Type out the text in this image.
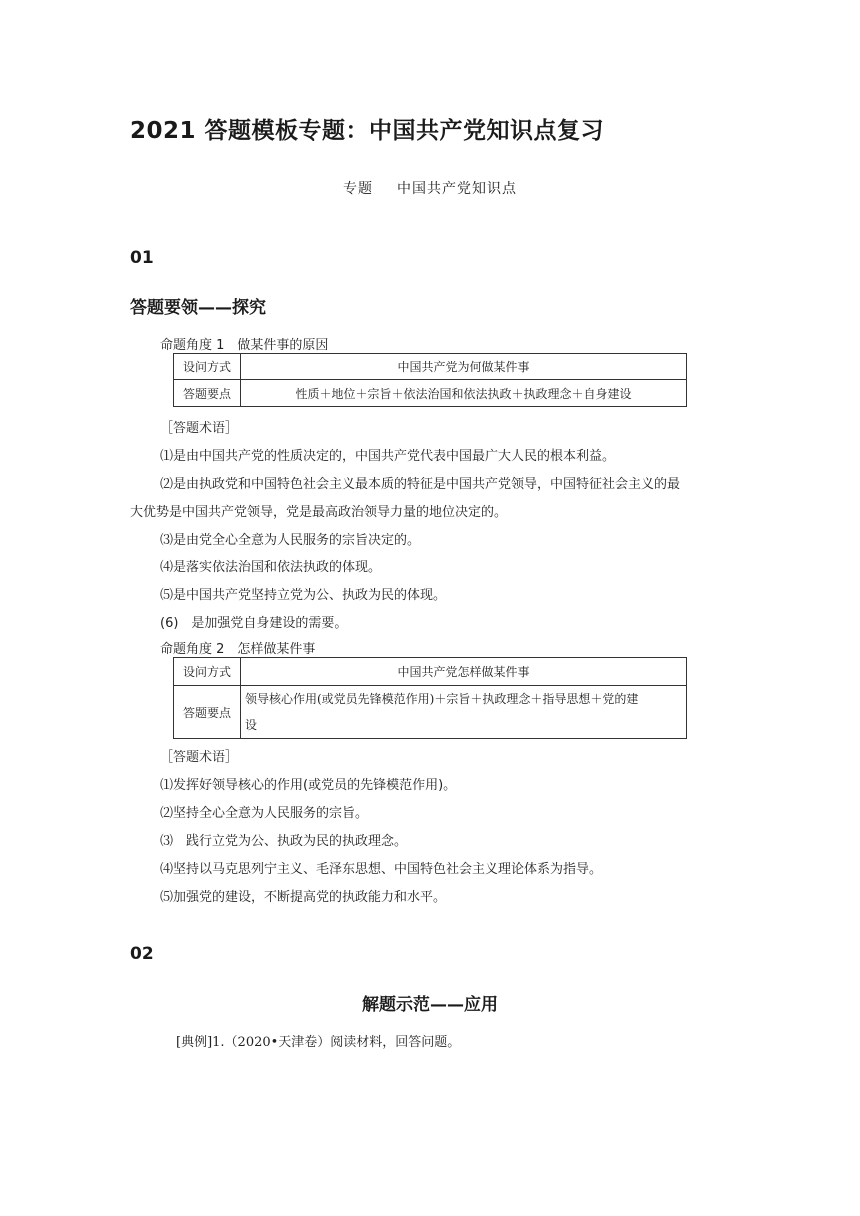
2021 答题模板专题：中国共产党知识点复习
专题 中国共产党知识点
01
答题要领——探究
命题角度 1　做某件事的原因
设问方式	中国共产党为何做某件事
答题要点	性质＋地位＋宗旨＋依法治国和依法执政＋执政理念＋自身建设
［答题术语］
⑴是由中国共产党的性质决定的，中国共产党代表中国最广大人民的根本利益。
⑵是由执政党和中国特色社会主义最本质的特征是中国共产党领导，中国特征社会主义的最
大优势是中国共产党领导，党是最高政治领导力量的地位决定的。
⑶是由党全心全意为人民服务的宗旨决定的。
⑷是落实依法治国和依法执政的体现。
⑸是中国共产党坚持立党为公、执政为民的体现。
(6)　是加强党自身建设的需要。
命题角度 2　怎样做某件事
设问方式	中国共产党怎样做某件事
答题要点	领导核心作用(或党员先锋模范作用)＋宗旨＋执政理念＋指导思想＋党的建
设
［答题术语］
⑴发挥好领导核心的作用(或党员的先锋模范作用)。
⑵坚持全心全意为人民服务的宗旨。
⑶　践行立党为公、执政为民的执政理念。
⑷坚持以马克思列宁主义、毛泽东思想、中国特色社会主义理论体系为指导。
⑸加强党的建设，不断提高党的执政能力和水平。
02
解题示范——应用
[典例]1.（2020•天津卷）阅读材料，回答问题。
